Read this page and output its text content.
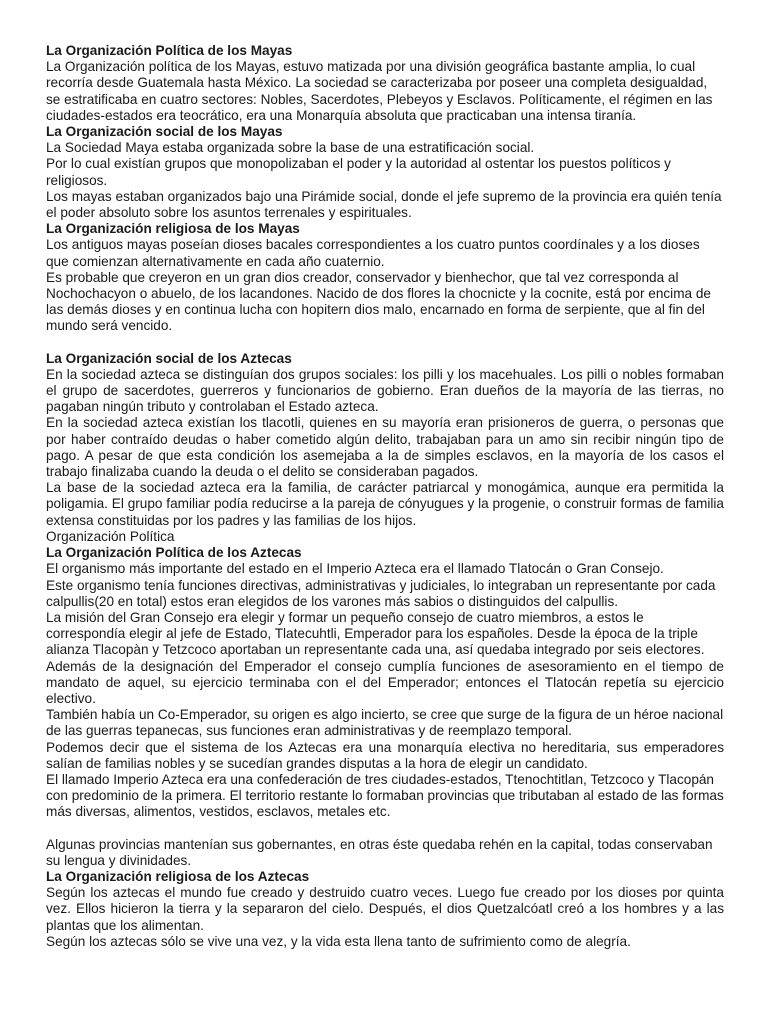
La Organización Política de los Mayas

La Organización política de los Mayas, estuvo matizada por una división geográfica bastante amplia, lo cual recorría desde Guatemala hasta México. La sociedad se caracterizaba por poseer una completa desigualdad, se estratificaba en cuatro sectores: Nobles, Sacerdotes, Plebeyos y Esclavos. Políticamente, el régimen en las ciudades-estados era teocrático, era una Monarquía absoluta que practicaban una intensa tiranía.

La Organización social de los Mayas

La Sociedad Maya estaba organizada sobre la base de una estratificación social.

Por lo cual existían grupos que monopolizaban el poder y la autoridad al ostentar los puestos políticos y religiosos.

Los mayas estaban organizados bajo una Pirámide social, donde el jefe supremo de la provincia era quién tenía el poder absoluto sobre los asuntos terrenales y espirituales.

La Organización religiosa de los Mayas

Los antiguos mayas poseían dioses bacales correspondientes a los cuatro puntos coordínales y a los dioses que comienzan alternativamente en cada año cuaternio.

Es probable que creyeron en un gran dios creador, conservador y bienhechor, que tal vez corresponda al Nochochacyon o abuelo, de los lacandones. Nacido de dos flores la chocnicte y la cocnite, está por encima de las demás dioses y en continua lucha con hopitern dios malo, encarnado en forma de serpiente, que al fin del mundo será vencido.

La Organización social de los Aztecas

En la sociedad azteca se distinguían dos grupos sociales: los pilli y los macehuales. Los pilli o nobles formaban el grupo de sacerdotes, guerreros y funcionarios de gobierno. Eran dueños de la mayoría de las tierras, no pagaban ningún tributo y controlaban el Estado azteca.

En la sociedad azteca existían los tlacotli, quienes en su mayoría eran prisioneros de guerra, o personas que por haber contraído deudas o haber cometido algún delito, trabajaban para un amo sin recibir ningún tipo de pago. A pesar de que esta condición los asemejaba a la de simples esclavos, en la mayoría de los casos el trabajo finalizaba cuando la deuda o el delito se consideraban pagados.

La base de la sociedad azteca era la familia, de carácter patriarcal y monogámica, aunque era permitida la poligamia. El grupo familiar podía reducirse a la pareja de cónyugues y la progenie, o construir formas de familia extensa constituidas por los padres y las familias de los hijos.

Organización Política

La Organización Política de los Aztecas

El organismo más importante del estado en el Imperio Azteca era el llamado Tlatocán o Gran Consejo.

Este organismo tenía funciones directivas, administrativas y judiciales, lo integraban un representante por cada calpullis(20 en total) estos eran elegidos de los varones más sabios o distinguidos del calpullis.

La misión del Gran Consejo era elegir y formar un pequeño consejo de cuatro miembros, a estos le correspondía elegir al jefe de Estado, Tlatecuhtli, Emperador para los españoles. Desde la época de la triple alianza Tlacopàn y Tetzcoco aportaban un representante cada una, así quedaba integrado por seis electores.

Además de la designación del Emperador el consejo cumplía funciones de asesoramiento en el tiempo de mandato de aquel, su ejercicio terminaba con el del Emperador; entonces el Tlatocán repetía su ejercicio electivo.

También había un Co-Emperador, su origen es algo incierto, se cree que surge de la figura de un héroe nacional de las guerras tepanecas, sus funciones eran administrativas y de reemplazo temporal.

Podemos decir que el sistema de los Aztecas era una monarquía electiva no hereditaria, sus emperadores salían de familias nobles y se sucedían grandes disputas a la hora de elegir un candidato.

El llamado Imperio Azteca era una confederación de tres ciudades-estados, Ttenochtitlan, Tetzcoco y Tlacopán con predominio de la primera. El territorio restante lo formaban provincias que tributaban al estado de las formas más diversas, alimentos, vestidos, esclavos, metales etc.

Algunas provincias mantenían sus gobernantes, en otras éste quedaba rehén en la capital, todas conservaban su lengua y divinidades.

La Organización religiosa de los Aztecas

Según los aztecas el mundo fue creado y destruido cuatro veces. Luego fue creado por los dioses por quinta vez. Ellos hicieron la tierra y la separaron del cielo. Después, el dios Quetzalcóatl creó a los hombres y a las plantas que los alimentan.

Según los aztecas sólo se vive una vez, y la vida esta llena tanto de sufrimiento como de alegría.
